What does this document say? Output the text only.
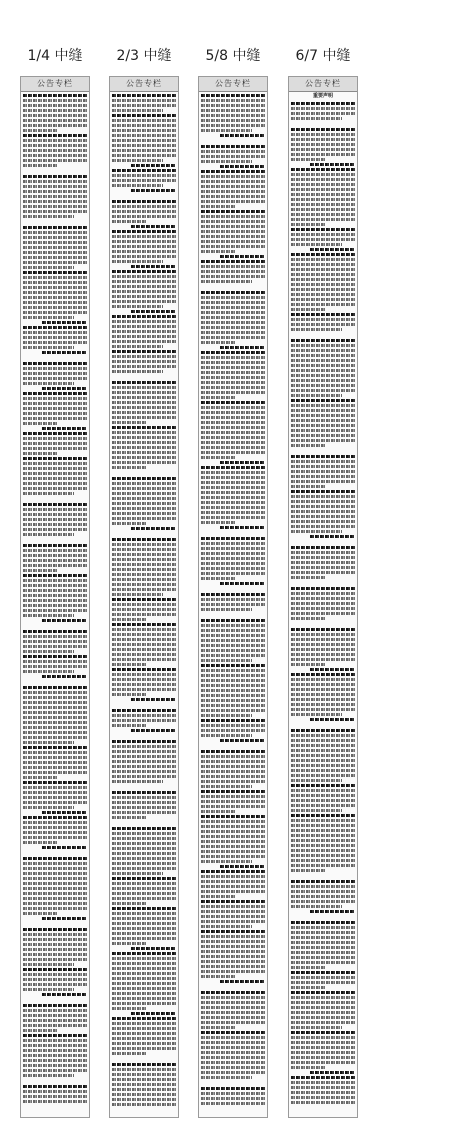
1/4 中缝	2/3 中缝	5/8 中缝	6/7 中缝
公告专栏	公告专栏	公告专栏	公告专栏
重要声明
